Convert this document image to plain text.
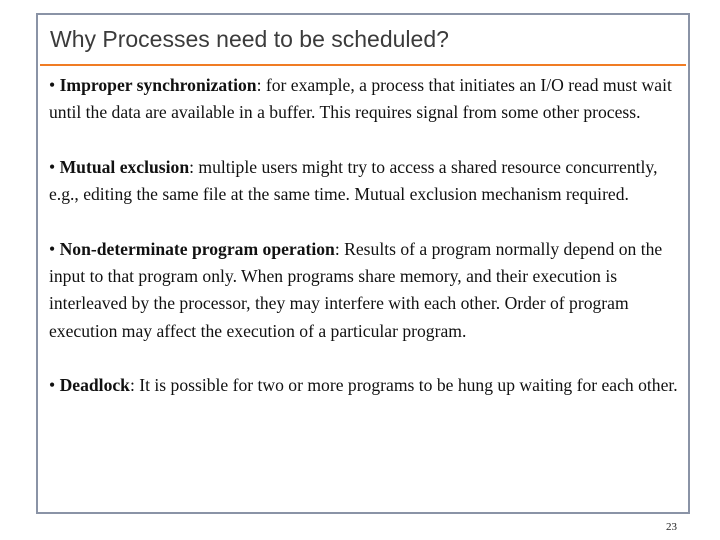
Why Processes need to be scheduled?

• Improper synchronization: for example, a process that initiates an I/O read must wait until the data are available in a buffer. This requires signal from some other process.

• Mutual exclusion: multiple users might try to access a shared resource concurrently, e.g., editing the same file at the same time. Mutual exclusion mechanism required.

• Non-determinate program operation: Results of a program normally depend on the input to that program only. When programs share memory, and their execution is interleaved by the processor, they may interfere with each other. Order of program execution may affect the execution of a particular program.

• Deadlock: It is possible for two or more programs to be hung up waiting for each other.

23
